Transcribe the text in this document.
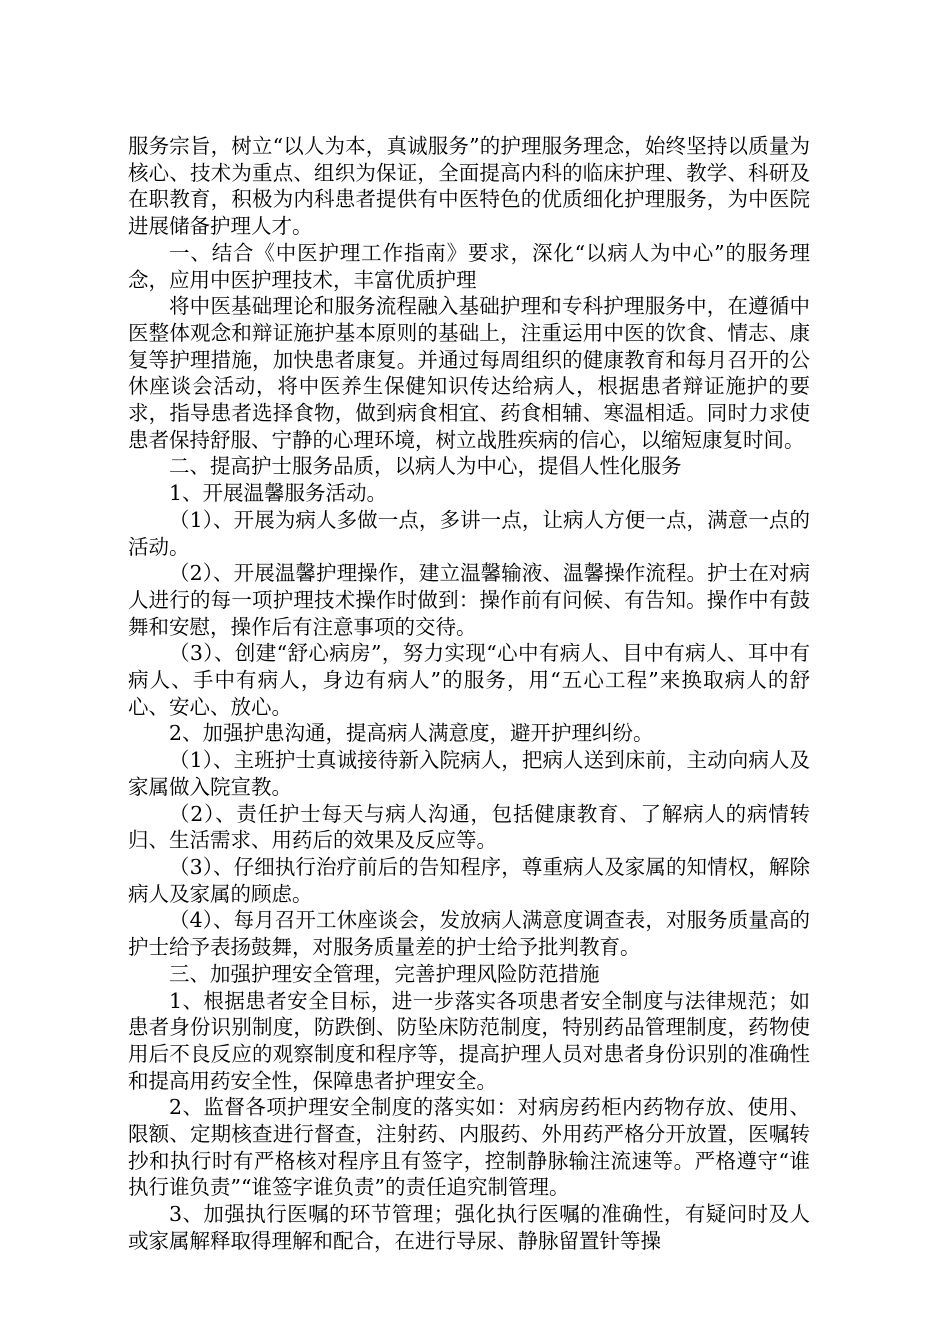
服务宗旨，树立“以人为本，真诚服务”的护理服务理念，始终坚持以质量为核心、技术为重点、组织为保证，全面提高内科的临床护理、教学、科研及在职教育，积极为内科患者提供有中医特色的优质细化护理服务，为中医院进展储备护理人才。

一、结合《中医护理工作指南》要求，深化“以病人为中心”的服务理念，应用中医护理技术，丰富优质护理

将中医基础理论和服务流程融入基础护理和专科护理服务中，在遵循中医整体观念和辩证施护基本原则的基础上，注重运用中医的饮食、情志、康复等护理措施，加快患者康复。并通过每周组织的健康教育和每月召开的公休座谈会活动，将中医养生保健知识传达给病人，根据患者辩证施护的要求，指导患者选择食物，做到病食相宜、药食相辅、寒温相适。同时力求使患者保持舒服、宁静的心理环境，树立战胜疾病的信心，以缩短康复时间。

二、提高护士服务品质，以病人为中心，提倡人性化服务

1、开展温馨服务活动。

（1）、开展为病人多做一点，多讲一点，让病人方便一点，满意一点的活动。

（2）、开展温馨护理操作，建立温馨输液、温馨操作流程。护士在对病人进行的每一项护理技术操作时做到：操作前有问候、有告知。操作中有鼓舞和安慰，操作后有注意事项的交待。

（3）、创建“舒心病房”，努力实现“心中有病人、目中有病人、耳中有病人、手中有病人，身边有病人”的服务，用“五心工程”来换取病人的舒心、安心、放心。

2、加强护患沟通，提高病人满意度，避开护理纠纷。

（1）、主班护士真诚接待新入院病人，把病人送到床前，主动向病人及家属做入院宣教。

（2）、责任护士每天与病人沟通，包括健康教育、了解病人的病情转归、生活需求、用药后的效果及反应等。

（3）、仔细执行治疗前后的告知程序，尊重病人及家属的知情权，解除病人及家属的顾虑。

（4）、每月召开工休座谈会，发放病人满意度调查表，对服务质量高的护士给予表扬鼓舞，对服务质量差的护士给予批判教育。

三、加强护理安全管理，完善护理风险防范措施

1、根据患者安全目标，进一步落实各项患者安全制度与法律规范；如患者身份识别制度，防跌倒、防坠床防范制度，特别药品管理制度，药物使用后不良反应的观察制度和程序等，提高护理人员对患者身份识别的准确性和提高用药安全性，保障患者护理安全。

2、监督各项护理安全制度的落实如：对病房药柜内药物存放、使用、限额、定期核查进行督查，注射药、内服药、外用药严格分开放置，医嘱转抄和执行时有严格核对程序且有签字，控制静脉输注流速等。严格遵守“谁执行谁负责”“谁签字谁负责”的责任追究制管理。

3、加强执行医嘱的环节管理；强化执行医嘱的准确性，有疑问时及人或家属解释取得理解和配合，在进行导尿、静脉留置针等操
